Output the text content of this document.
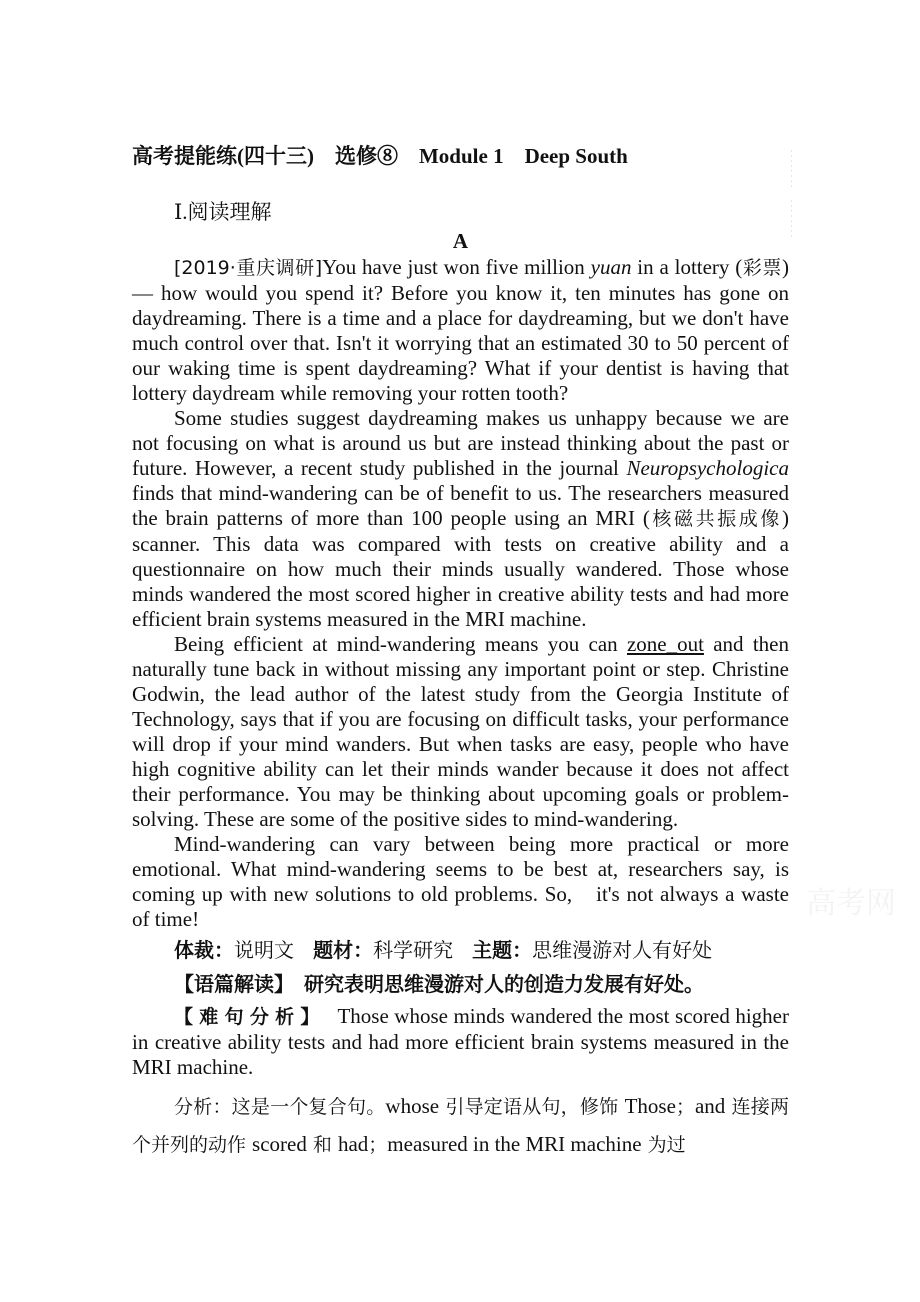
高考提能练(四十三)　选修⑧　Module 1　Deep South
Ⅰ.阅读理解
A

[2019·重庆调研]You have just won five million yuan in a lottery (彩票) — how would you spend it? Before you know it, ten minutes has gone on daydreaming. There is a time and a place for daydreaming, but we don't have much control over that. Isn't it worrying that an estimated 30 to 50 percent of our waking time is spent daydreaming? What if your dentist is having that lottery daydream while removing your rotten tooth?

Some studies suggest daydreaming makes us unhappy because we are not focusing on what is around us but are instead thinking about the past or future. However, a recent study published in the journal Neuropsychologica finds that mind-wandering can be of benefit to us. The researchers measured the brain patterns of more than 100 people using an MRI (核磁共振成像) scanner. This data was compared with tests on creative ability and a questionnaire on how much their minds usually wandered. Those whose minds wandered the most scored higher in creative ability tests and had more efficient brain systems measured in the MRI machine.

Being efficient at mind-wandering means you can zone_out and then naturally tune back in without missing any important point or step. Christine Godwin, the lead author of the latest study from the Georgia Institute of Technology, says that if you are focusing on difficult tasks, your performance will drop if your mind wanders. But when tasks are easy, people who have high cognitive ability can let their minds wander because it does not affect their performance. You may be thinking about upcoming goals or problem-solving. These are some of the positive sides to mind-wandering.

Mind-wandering can vary between being more practical or more emotional. What mind-wandering seems to be best at, researchers say, is coming up with new solutions to old problems. So,　it's not always a waste of time!

体裁：说明文 题材：科学研究 主题：思维漫游对人有好处
【语篇解读】　 研究表明思维漫游对人的创造力发展有好处。

【难句分析】　 Those whose minds wandered the most scored higher in creative ability tests and had more efficient brain systems measured in the MRI machine.

分析：这是一个复合句。whose 引导定语从句，修饰 Those；and 连接两个并列的动作 scored 和 had；measured in the MRI machine 为过

高考网
